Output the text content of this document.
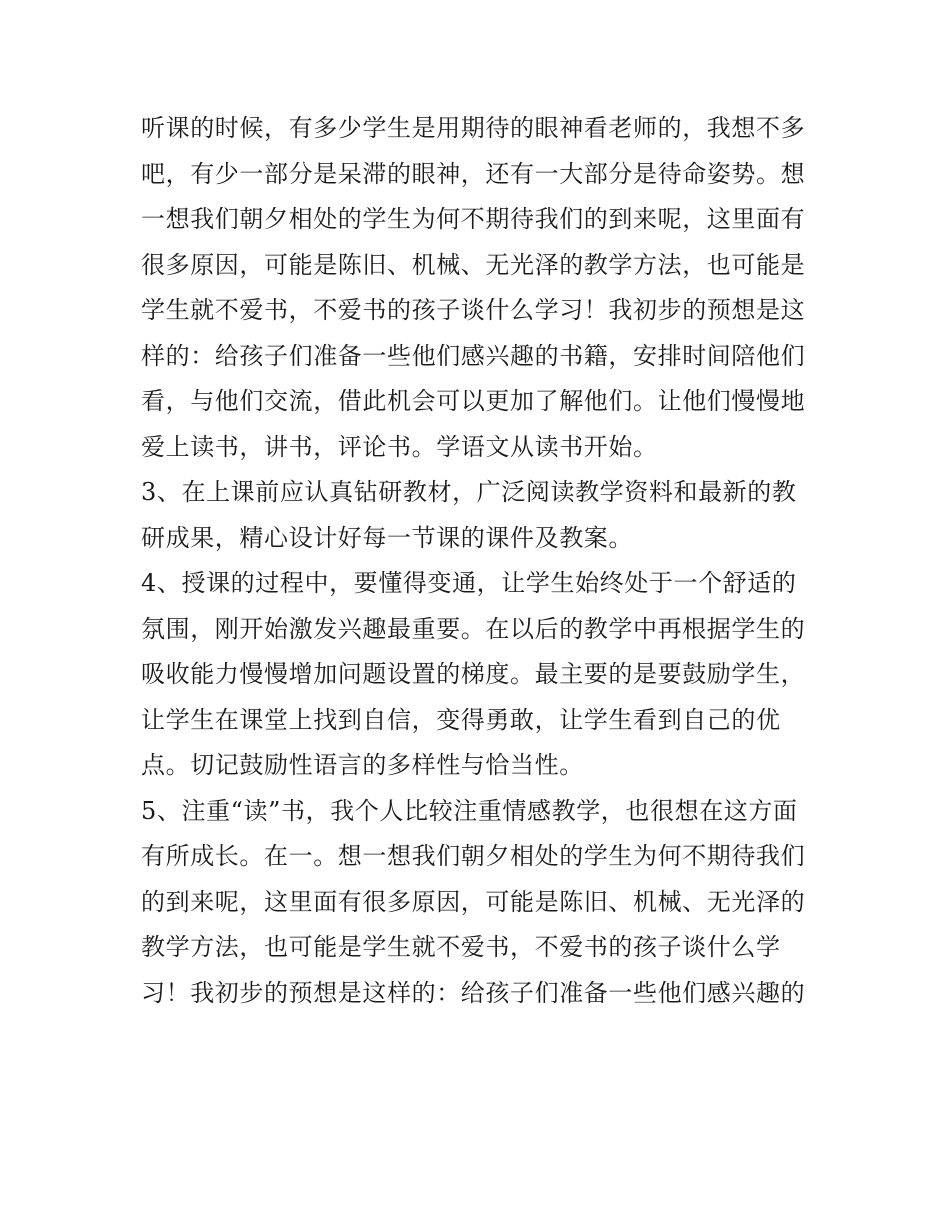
听课的时候，有多少学生是用期待的眼神看老师的，我想不多
吧，有少一部分是呆滞的眼神，还有一大部分是待命姿势。想
一想我们朝夕相处的学生为何不期待我们的到来呢，这里面有
很多原因，可能是陈旧、机械、无光泽的教学方法，也可能是
学生就不爱书，不爱书的孩子谈什么学习！我初步的预想是这
样的：给孩子们准备一些他们感兴趣的书籍，安排时间陪他们
看，与他们交流，借此机会可以更加了解他们。让他们慢慢地
爱上读书，讲书，评论书。学语文从读书开始。
3、在上课前应认真钻研教材，广泛阅读教学资料和最新的教
研成果，精心设计好每一节课的课件及教案。
4、授课的过程中，要懂得变通，让学生始终处于一个舒适的
氛围，刚开始激发兴趣最重要。在以后的教学中再根据学生的
吸收能力慢慢增加问题设置的梯度。最主要的是要鼓励学生，
让学生在课堂上找到自信，变得勇敢，让学生看到自己的优
点。切记鼓励性语言的多样性与恰当性。
5、注重“读”书，我个人比较注重情感教学，也很想在这方面
有所成长。在一。想一想我们朝夕相处的学生为何不期待我们
的到来呢，这里面有很多原因，可能是陈旧、机械、无光泽的
教学方法，也可能是学生就不爱书，不爱书的孩子谈什么学
习！我初步的预想是这样的：给孩子们准备一些他们感兴趣的
